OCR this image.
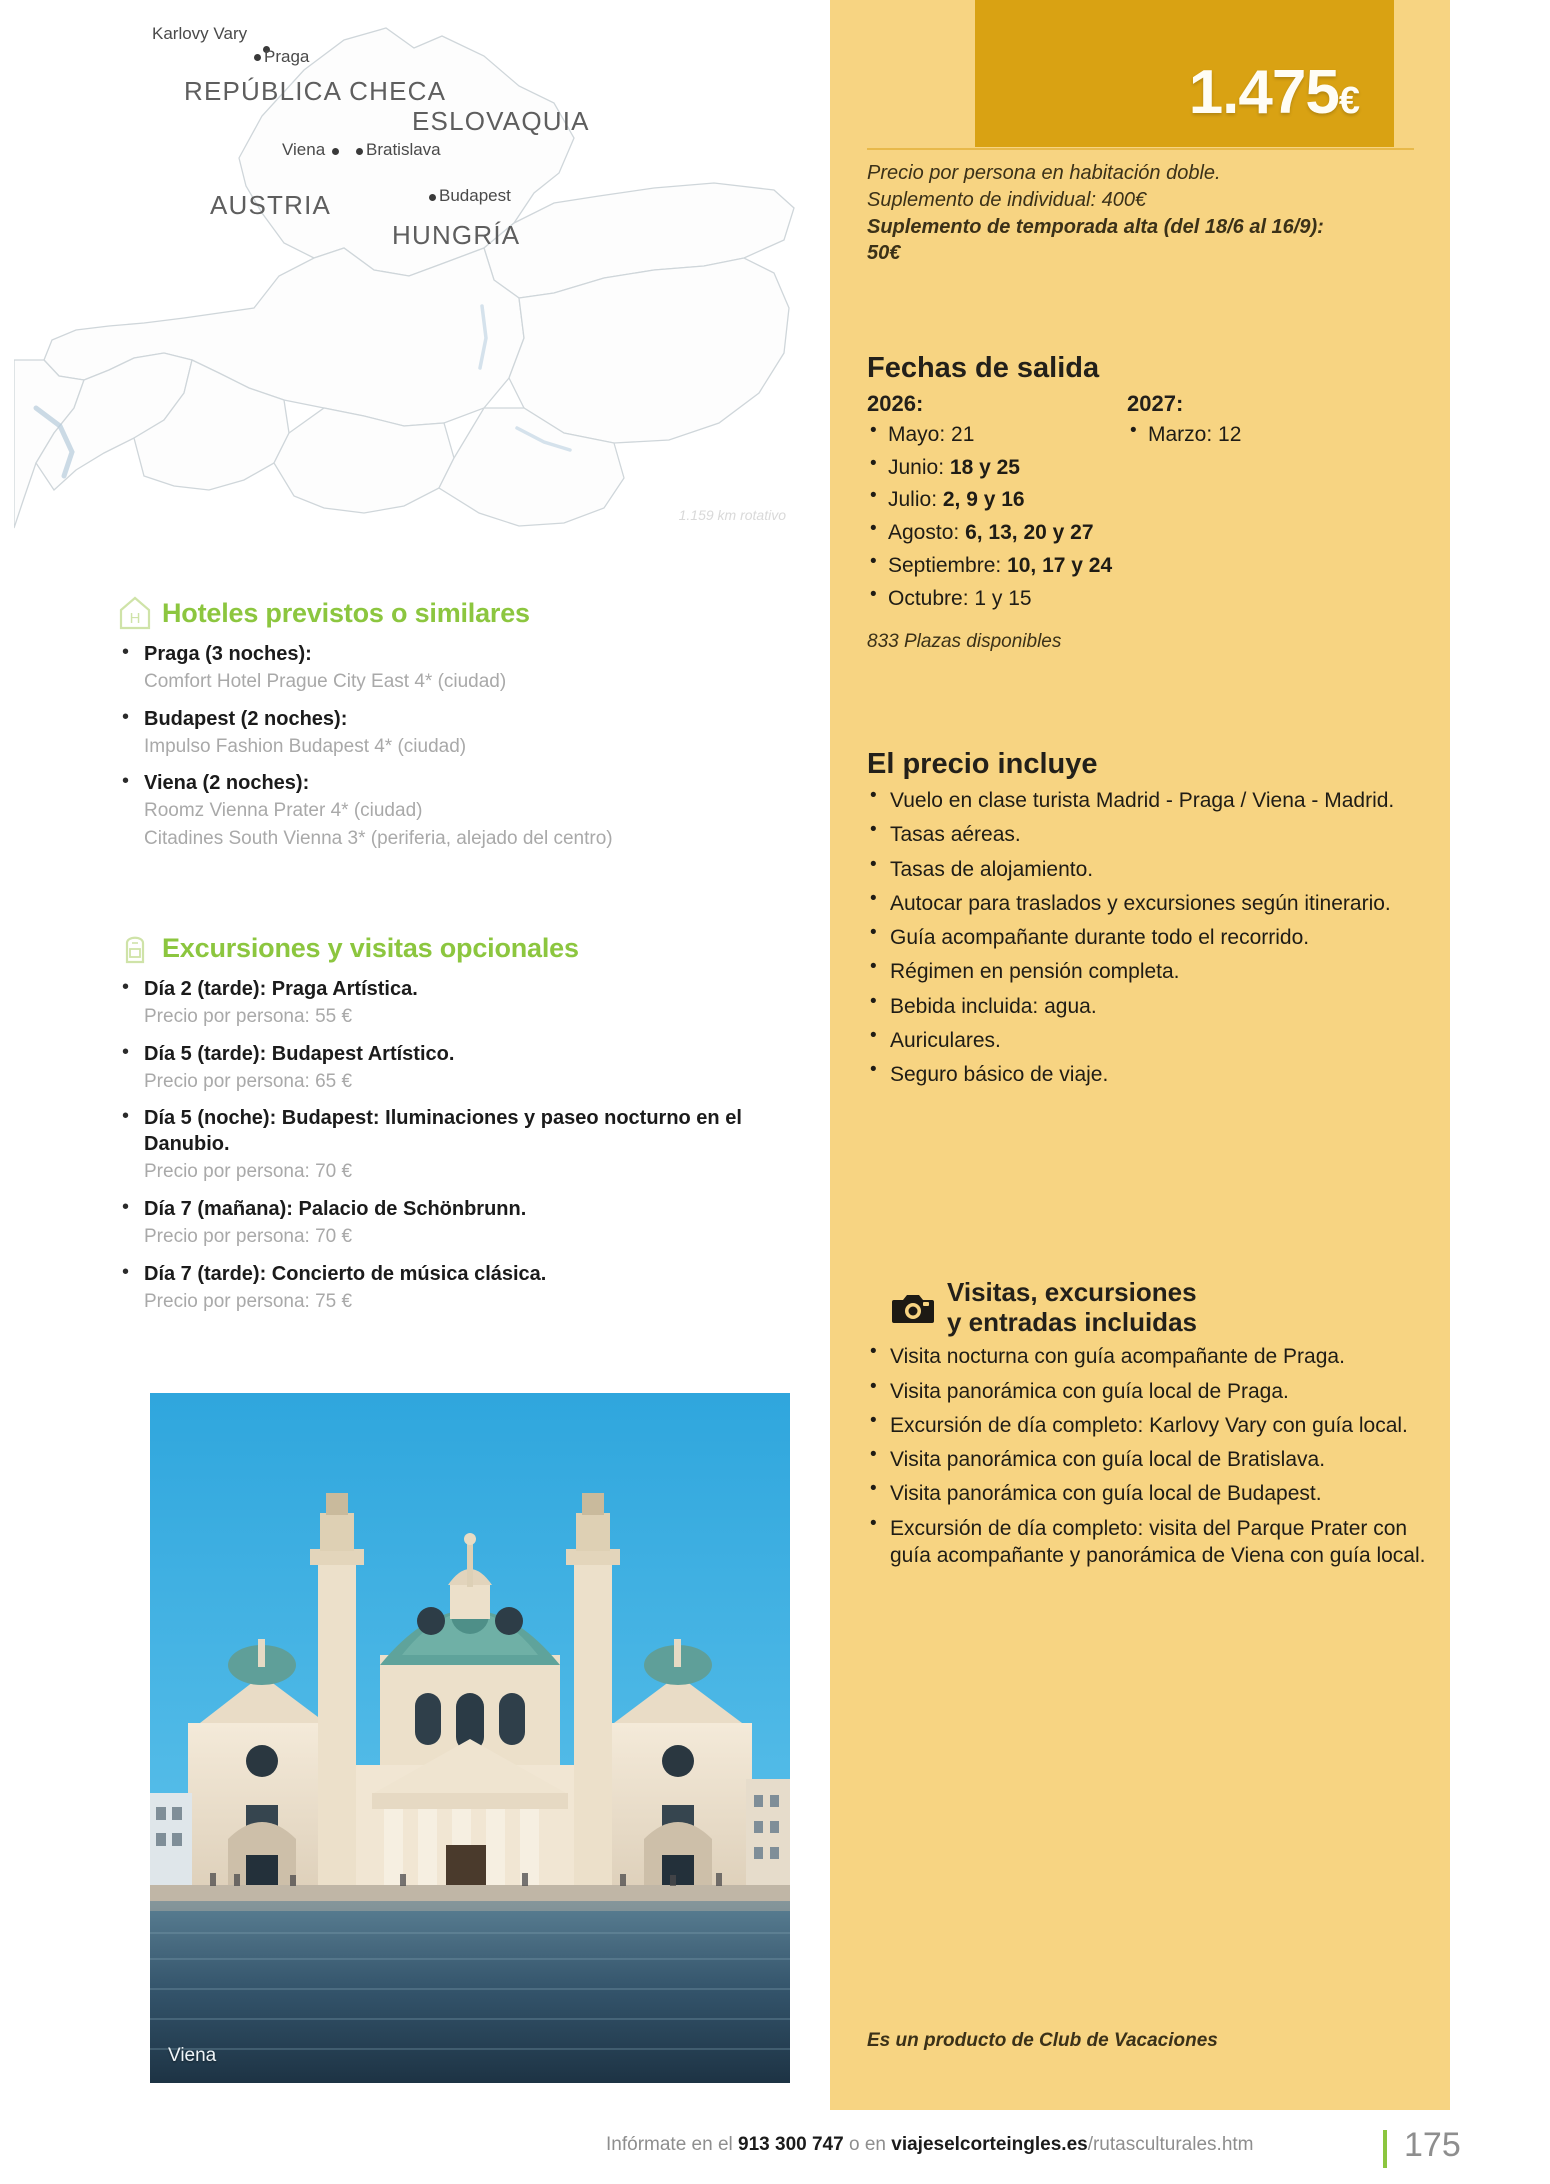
Karlovy Vary
Praga
REPÚBLICA CHECA
ESLOVAQUIA
Viena Bratislava
AUSTRIA	Budapest
HUNGRÍA
1.159 km rotativo
H Hoteles previstos o similares
• Praga (3 noches):
Comfort Hotel Prague City East 4* (ciudad)
• Budapest (2 noches):
Impulso Fashion Budapest 4* (ciudad)
• Viena (2 noches):
Roomz Vienna Prater 4* (ciudad)
Citadines South Vienna 3* (periferia, alejado del centro)
Excursiones y visitas opcionales
• Día 2 (tarde): Praga Artística.
Precio por persona: 55 €
• Día 5 (tarde): Budapest Artístico.
Precio por persona: 65 €
• Día 5 (noche): Budapest: Iluminaciones y paseo nocturno en el Danubio.
Precio por persona: 70 €
• Día 7 (mañana): Palacio de Schönbrunn.
Precio por persona: 70 €
• Día 7 (tarde): Concierto de música clásica.
Precio por persona: 75 €
Viena
1.475€
Precio por persona en habitación doble.
Suplemento de individual: 400€
Suplemento de temporada alta (del 18/6 al 16/9):
50€
Fechas de salida
2026:
• Mayo: 21
• Junio: 18 y 25
• Julio: 2, 9 y 16
• Agosto: 6, 13, 20 y 27
• Septiembre: 10, 17 y 24
• Octubre: 1 y 15
2027:
• Marzo: 12
833 Plazas disponibles
El precio incluye
• Vuelo en clase turista Madrid - Praga / Viena - Madrid.
• Tasas aéreas.
• Tasas de alojamiento.
• Autocar para traslados y excursiones según itinerario.
• Guía acompañante durante todo el recorrido.
• Régimen en pensión completa.
• Bebida incluida: agua.
• Auriculares.
• Seguro básico de viaje.
Visitas, excursiones
y entradas incluidas
• Visita nocturna con guía acompañante de Praga.
• Visita panorámica con guía local de Praga.
• Excursión de día completo: Karlovy Vary con guía local.
• Visita panorámica con guía local de Bratislava.
• Visita panorámica con guía local de Budapest.
• Excursión de día completo: visita del Parque Prater con guía acompañante y panorámica de Viena con guía local.
Es un producto de Club de Vacaciones
Infórmate en el 913 300 747 o en viajeselcorteingles.es/rutasculturales.htm	175
